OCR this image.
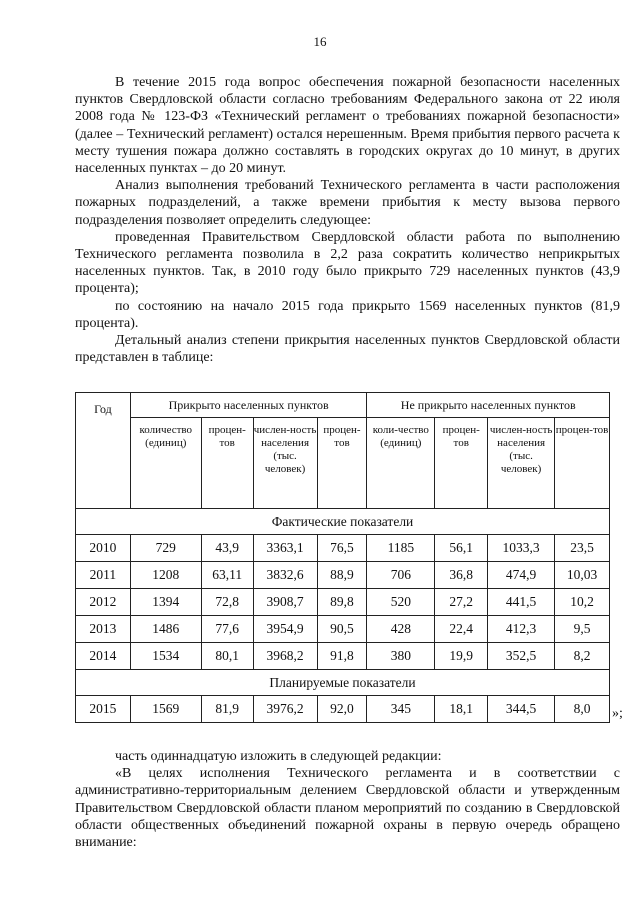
16

В течение 2015 года вопрос обеспечения пожарной безопасности населенных пунктов Свердловской области согласно требованиям Федерального закона от 22 июля 2008 года № 123-ФЗ «Технический регламент о требованиях пожарной безопасности» (далее – Технический регламент) остался нерешенным. Время прибытия первого расчета к месту тушения пожара должно составлять в городских округах до 10 минут, в других населенных пунктах – до 20 минут.

Анализ выполнения требований Технического регламента в части расположения пожарных подразделений, а также времени прибытия к месту вызова первого подразделения позволяет определить следующее:

проведенная Правительством Свердловской области работа по выполнению Технического регламента позволила в 2,2 раза сократить количество неприкрытых населенных пунктов. Так, в 2010 году было прикрыто 729 населенных пунктов (43,9 процента);

по состоянию на начало 2015 года прикрыто 1569 населенных пунктов (81,9 процента).

Детальный анализ степени прикрытия населенных пунктов Свердловской области представлен в таблице:

Год	Прикрыто населенных пунктов				Не прикрыто населенных пунктов			
	количество (единиц)	процен-тов	числен-ность населения (тыс. человек)	процен-тов	коли-чество (единиц)	процен-тов	числен-ность населения (тыс. человек)	процен-тов
Фактические показатели								
2010	729	43,9	3363,1	76,5	1185	56,1	1033,3	23,5
2011	1208	63,11	3832,6	88,9	706	36,8	474,9	10,03
2012	1394	72,8	3908,7	89,8	520	27,2	441,5	10,2
2013	1486	77,6	3954,9	90,5	428	22,4	412,3	9,5
2014	1534	80,1	3968,2	91,8	380	19,9	352,5	8,2
Планируемые показатели								
2015	1569	81,9	3976,2	92,0	345	18,1	344,5	8,0 »;

часть одиннадцатую изложить в следующей редакции:

«В целях исполнения Технического регламента и в соответствии с административно-территориальным делением Свердловской области и утвержденным Правительством Свердловской области планом мероприятий по созданию в Свердловской области общественных объединений пожарной охраны в первую очередь обращено внимание:
